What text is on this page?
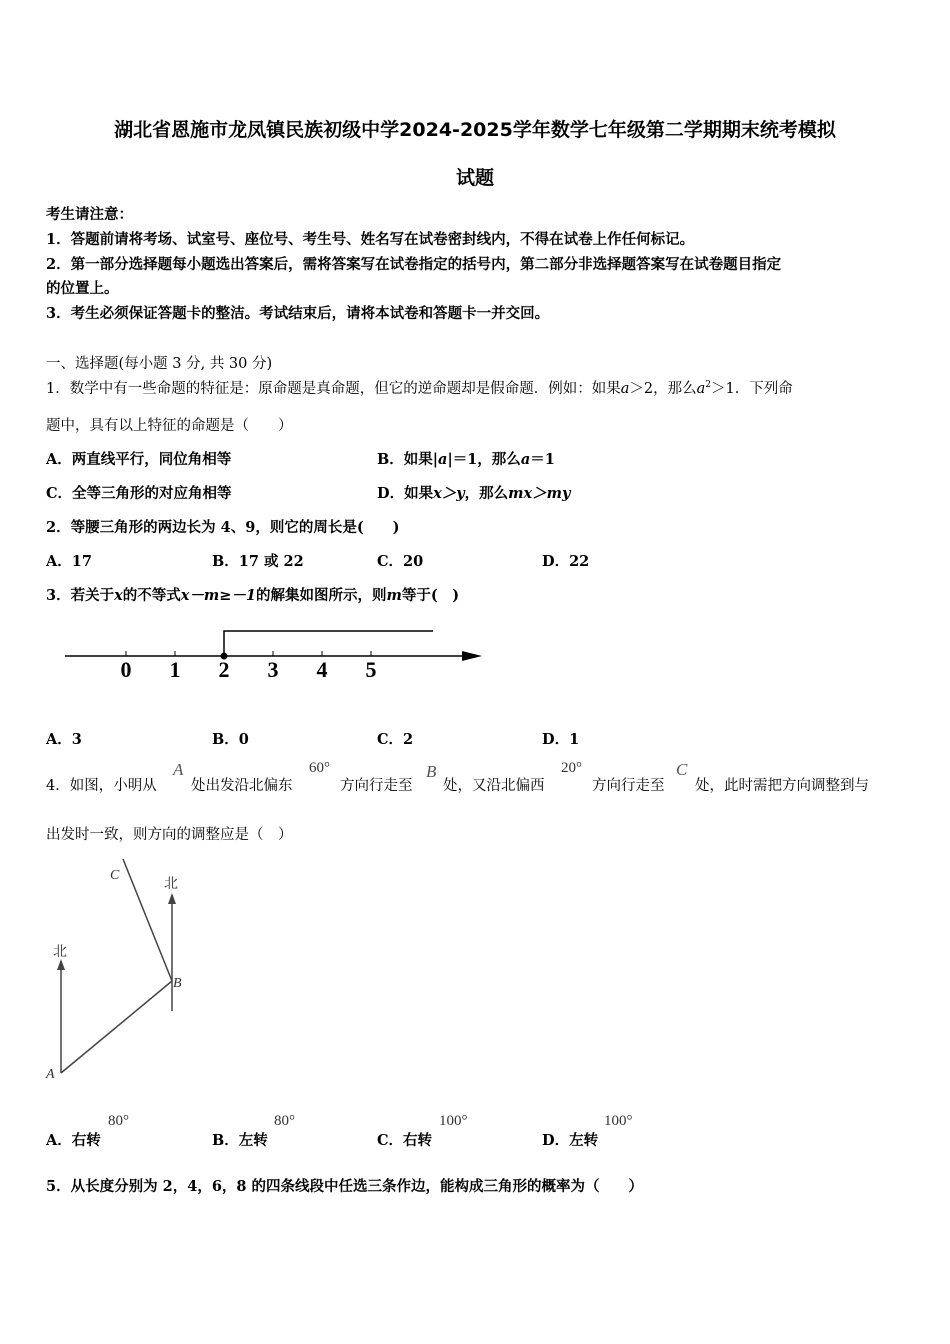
湖北省恩施市龙凤镇民族初级中学2024-2025学年数学七年级第二学期期末统考模拟
试题
考生请注意：
1．答题前请将考场、试室号、座位号、考生号、姓名写在试卷密封线内，不得在试卷上作任何标记。
2．第一部分选择题每小题选出答案后，需将答案写在试卷指定的括号内，第二部分非选择题答案写在试卷题目指定
的位置上。
3．考生必须保证答题卡的整洁。考试结束后，请将本试卷和答题卡一并交回。
一、选择题(每小题 3 分, 共 30 分)
1．数学中有一些命题的特征是：原命题是真命题，但它的逆命题却是假命题．例如：如果a＞2，那么$a^2>1$．下列命
题中，具有以上特征的命题是（　　）
A．两直线平行，同位角相等	B．如果|a|＝1，那么a＝1
C．全等三角形的对应角相等	D．如果x＞y，那么mx＞my
2．等腰三角形的两边长为 4、9，则它的周长是(　　)
A．17	B．17 或 22	C．20	D．22
3．若关于x的不等式x－m≥－1的解集如图所示，则m等于(　)
0 1 2 3 4 5
A．3	B．0	C．2	D．1
4．如图，小明从
A
处出发沿北偏东
60°
方向行走至
B
处，又沿北偏西
20°
方向行走至
C
处，此时需把方向调整到与
出发时一致，则方向的调整应是（　）
北
北
A
B
C
A．右转
80°
B．左转
80°
C．右转
100°
D．左转
100°
5．从长度分别为 2，4，6，8 的四条线段中任选三条作边，能构成三角形的概率为（　　）
